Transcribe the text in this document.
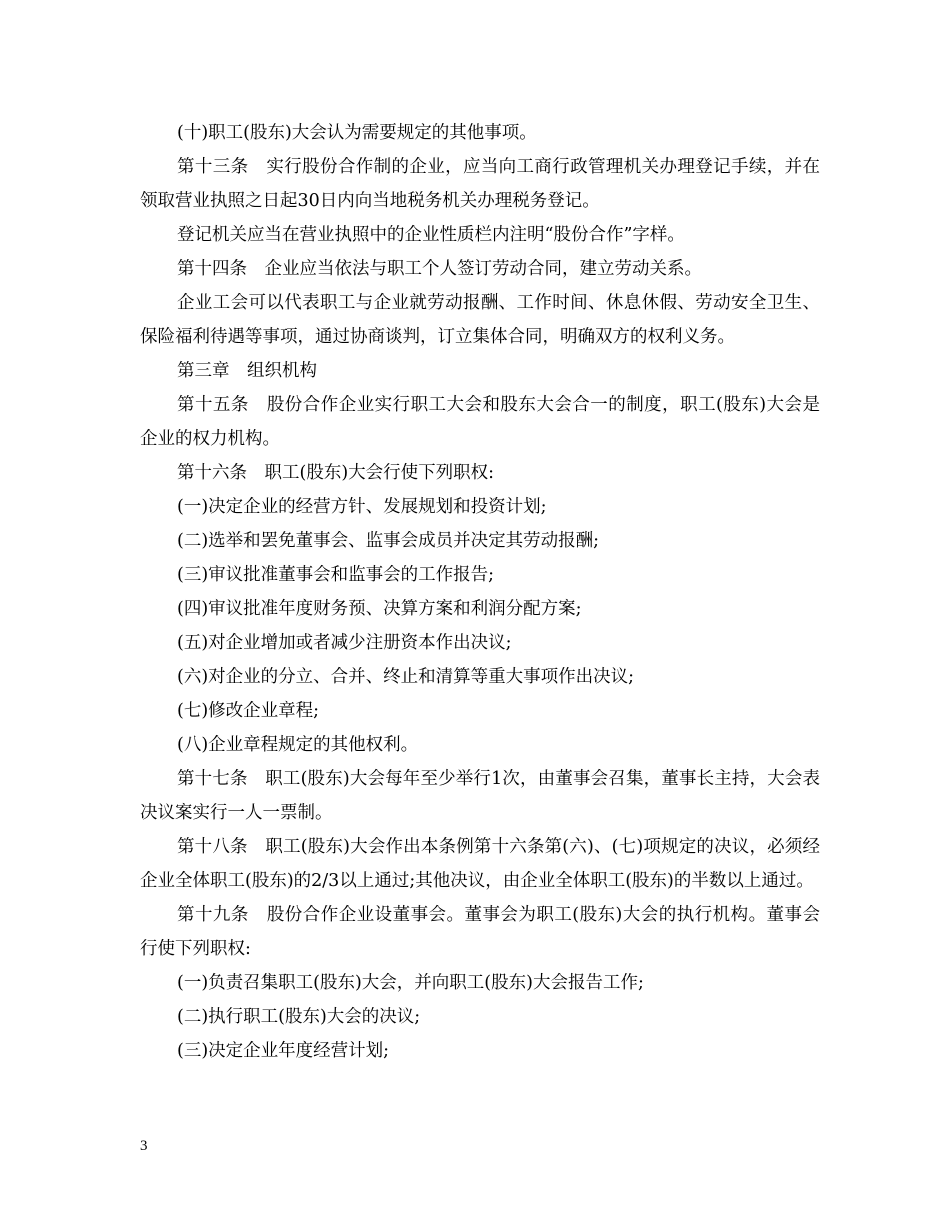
(十)职工(股东)大会认为需要规定的其他事项。

第十三条　实行股份合作制的企业，应当向工商行政管理机关办理登记手续，并在领取营业执照之日起30日内向当地税务机关办理税务登记。

登记机关应当在营业执照中的企业性质栏内注明“股份合作”字样。

第十四条　企业应当依法与职工个人签订劳动合同，建立劳动关系。

企业工会可以代表职工与企业就劳动报酬、工作时间、休息休假、劳动安全卫生、保险福利待遇等事项，通过协商谈判，订立集体合同，明确双方的权利义务。

第三章　组织机构

第十五条　股份合作企业实行职工大会和股东大会合一的制度，职工(股东)大会是企业的权力机构。

第十六条　职工(股东)大会行使下列职权:

(一)决定企业的经营方针、发展规划和投资计划;

(二)选举和罢免董事会、监事会成员并决定其劳动报酬;

(三)审议批准董事会和监事会的工作报告;

(四)审议批准年度财务预、决算方案和利润分配方案;

(五)对企业增加或者减少注册资本作出决议;

(六)对企业的分立、合并、终止和清算等重大事项作出决议;

(七)修改企业章程;

(八)企业章程规定的其他权利。

第十七条　职工(股东)大会每年至少举行1次，由董事会召集，董事长主持，大会表决议案实行一人一票制。

第十八条　职工(股东)大会作出本条例第十六条第(六)、(七)项规定的决议，必须经企业全体职工(股东)的2/3以上通过;其他决议，由企业全体职工(股东)的半数以上通过。

第十九条　股份合作企业设董事会。董事会为职工(股东)大会的执行机构。董事会行使下列职权:

(一)负责召集职工(股东)大会，并向职工(股东)大会报告工作;

(二)执行职工(股东)大会的决议;

(三)决定企业年度经营计划;

3
